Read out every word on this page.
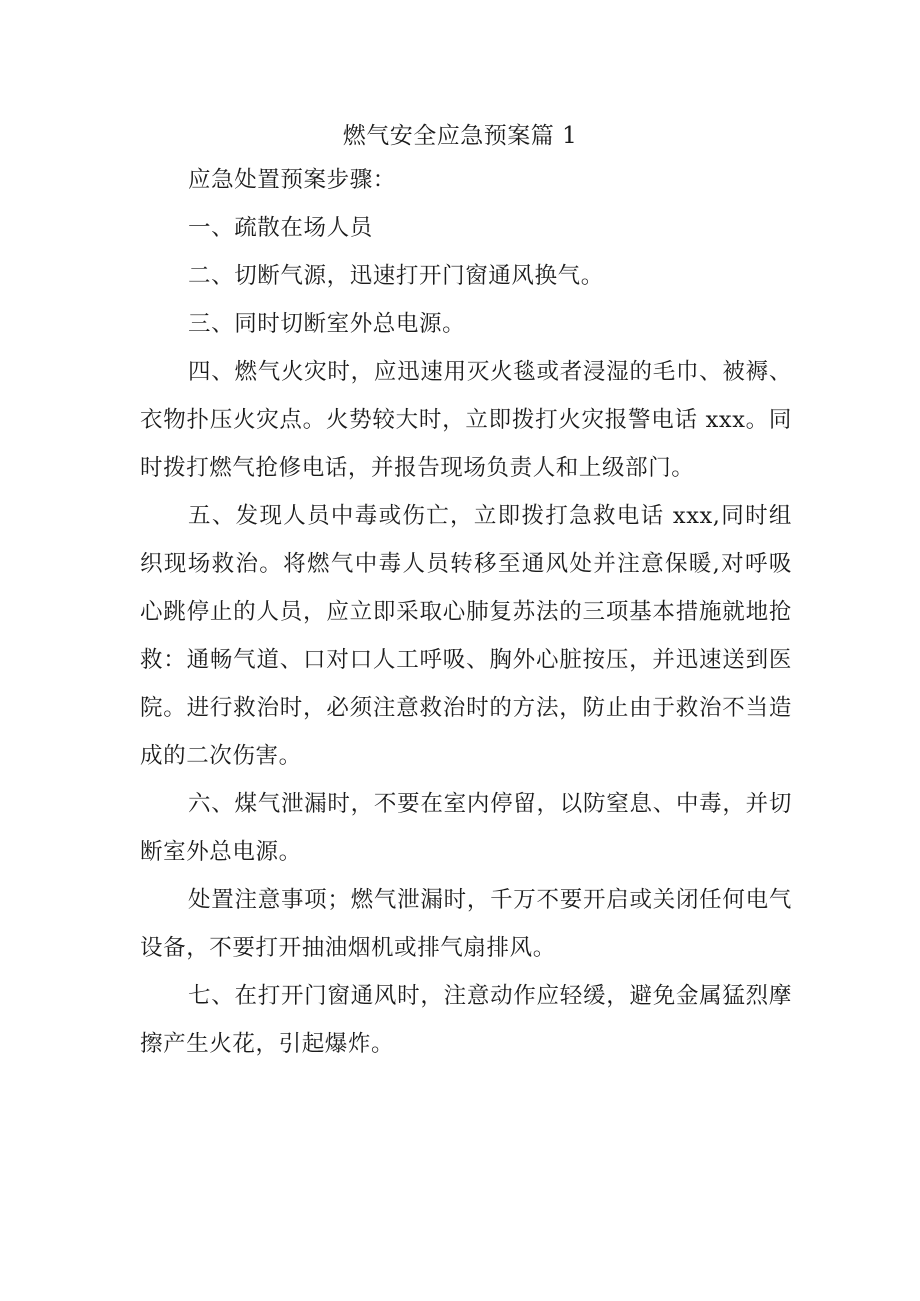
燃气安全应急预案篇 1

应急处置预案步骤：

一、疏散在场人员

二、切断气源，迅速打开门窗通风换气。

三、同时切断室外总电源。

四、燃气火灾时，应迅速用灭火毯或者浸湿的毛巾、被褥、衣物扑压火灾点。火势较大时，立即拨打火灾报警电话 xxx。同时拨打燃气抢修电话，并报告现场负责人和上级部门。

五、发现人员中毒或伤亡，立即拨打急救电话 xxx,同时组织现场救治。将燃气中毒人员转移至通风处并注意保暖,对呼吸心跳停止的人员，应立即采取心肺复苏法的三项基本措施就地抢救：通畅气道、口对口人工呼吸、胸外心脏按压，并迅速送到医院。进行救治时，必须注意救治时的方法，防止由于救治不当造成的二次伤害。

六、煤气泄漏时，不要在室内停留，以防窒息、中毒，并切断室外总电源。

处置注意事项；燃气泄漏时，千万不要开启或关闭任何电气设备，不要打开抽油烟机或排气扇排风。

七、在打开门窗通风时，注意动作应轻缓，避免金属猛烈摩擦产生火花，引起爆炸。
